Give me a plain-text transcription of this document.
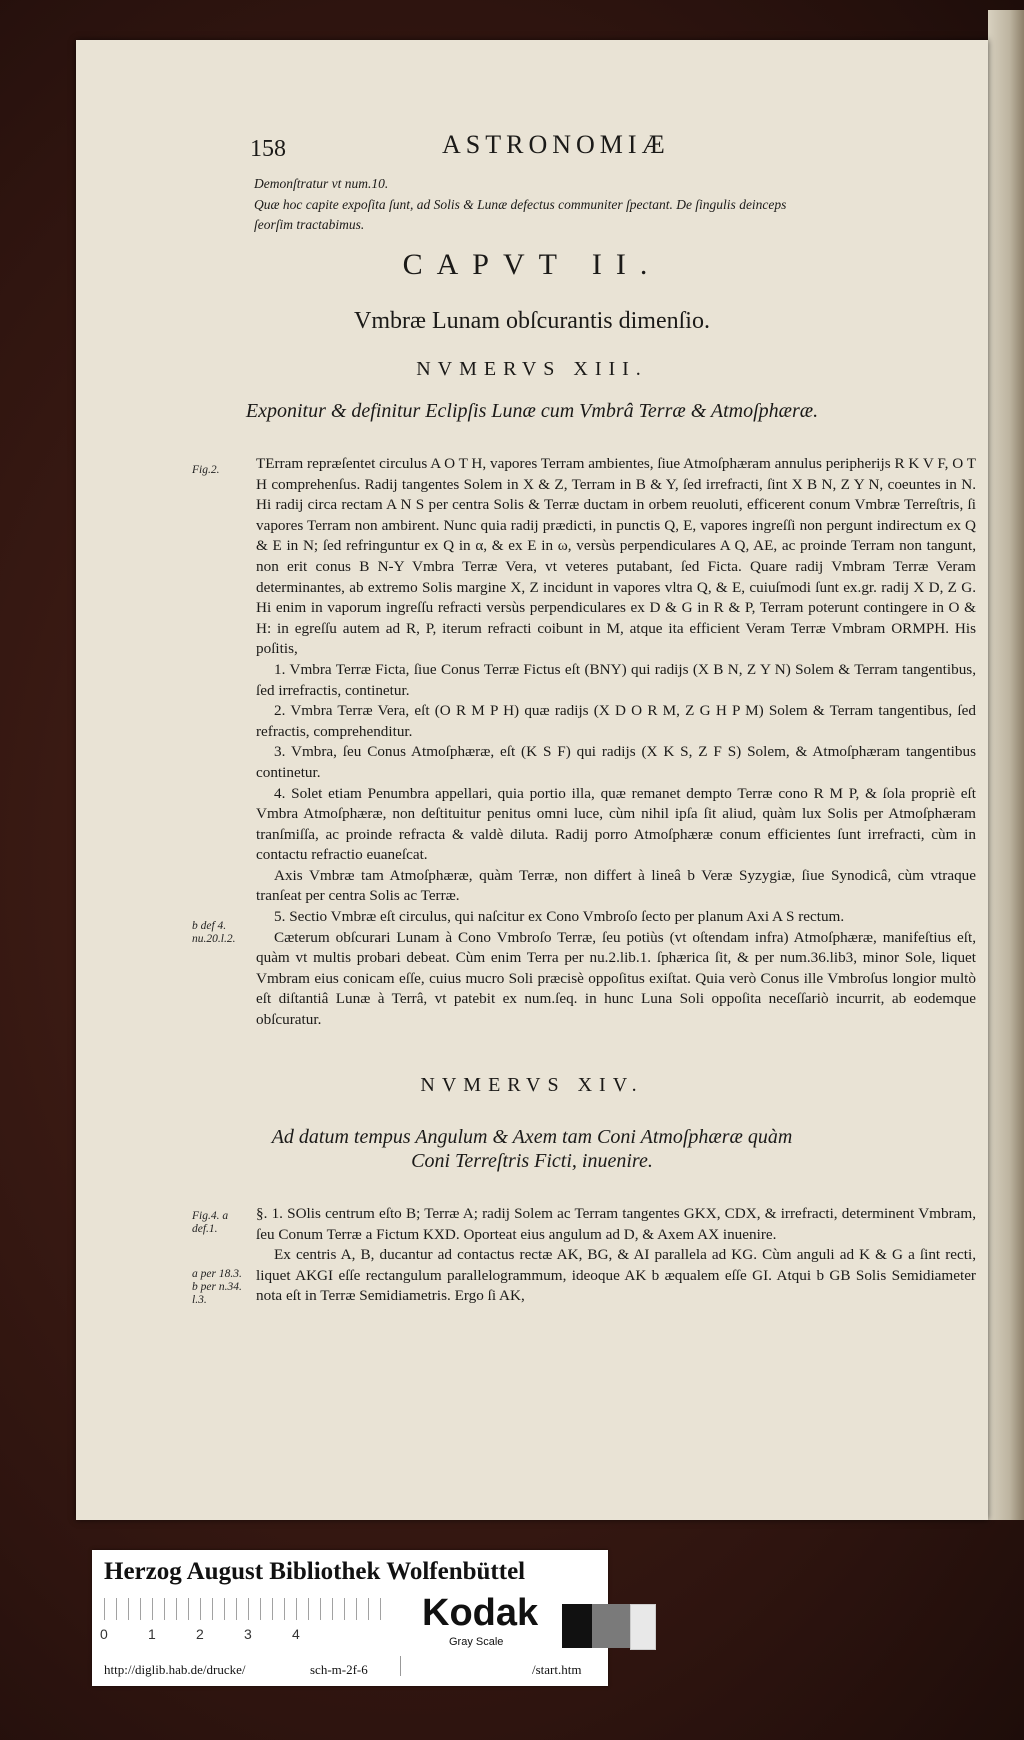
158	ASTRONOMIÆ
Demonſtratur vt num.10.
Quæ hoc capite expoſita ſunt, ad Solis & Lunæ defectus communiter ſpectant. De ſingulis deinceps
ſeorſim tractabimus.
CAPVT II.
Vmbræ Lunam obſcurantis dimenſio.
NVMERVS XIII.
Exponitur & definitur Eclipſis Lunæ cum Vmbrâ Terræ & Atmoſphæræ.
Fig.2. TErram repræſentet circulus A O T H, vapores Terram ambientes, ſiue Atmoſphæram annulus peripherijs R K V F, O T H comprehenſus. Radij tangentes Solem in X & Z, Terram in B & Y, ſed irrefracti, ſint X B N, Z Y N, coeuntes in N. Hi radij circa rectam A N S per centra Solis & Terræ ductam in orbem reuoluti, efficerent conum Vmbræ Terreſtris, ſi vapores Terram non ambirent. Nunc quia radij prædicti, in punctis Q, E, vapores ingreſſi non pergunt indirectum ex Q & E in N; ſed refringuntur ex Q in α, & ex E in ω, versùs perpendiculares A Q, AE, ac proinde Terram non tangunt, non erit conus B N-Y Vmbra Terræ Vera, vt veteres putabant, ſed Ficta. Quare radij Vmbram Terræ Veram determinantes, ab extremo Solis margine X, Z incidunt in vapores vltra Q, & E, cuiuſmodi ſunt ex.gr. radij X D, Z G. Hi enim in vaporum ingreſſu refracti versùs perpendiculares ex D & G in R & P, Terram poterunt contingere in O & H: in egreſſu autem ad R, P, iterum refracti coibunt in M, atque ita efficient Veram Terræ Vmbram ORMPH. His poſitis,

1. Vmbra Terræ Ficta, ſiue Conus Terræ Fictus eſt (BNY) qui radijs (X B N, Z Y N) Solem & Terram tangentibus, ſed irrefractis, continetur.

2. Vmbra Terræ Vera, eſt (O R M P H) quæ radijs (X D O R M, Z G H P M) Solem & Terram tangentibus, ſed refractis, comprehenditur.

3. Vmbra, ſeu Conus Atmoſphæræ, eſt (K S F) qui radijs (X K S, Z F S) Solem, & Atmoſphæram tangentibus continetur.

4. Solet etiam Penumbra appellari, quia portio illa, quæ remanet dempto Terræ cono R M P, & ſola propriè eſt Vmbra Atmoſphæræ, non deſtituitur penitus omni luce, cùm nihil ipſa ſit aliud, quàm lux Solis per Atmoſphæram tranſmiſſa, ac proinde refracta & valdè diluta. Radij porro Atmoſphæræ conum efficientes ſunt irrefracti, cùm in contactu refractio euaneſcat.

Axis Vmbræ tam Atmoſphæræ, quàm Terræ, non differt à lineâ b Veræ Syzygiæ, ſiue Synodicâ, cùm vtraque tranſeat per centra Solis ac Terræ.

5. Sectio Vmbræ eſt circulus, qui naſcitur ex Cono Vmbroſo ſecto per planum Axi A S rectum.

Cæterum obſcurari Lunam à Cono Vmbroſo Terræ, ſeu potiùs (vt oſtendam infra) Atmoſphæræ, manifeſtius eſt, quàm vt multis probari debeat. Cùm enim Terra per nu.2.lib.1. ſphærica ſit, & per num.36.lib3, minor Sole, liquet Vmbram eius conicam eſſe, cuius mucro Soli præcisè oppoſitus exiſtat. Quia verò Conus ille Vmbroſus longior multò eſt diſtantiâ Lunæ à Terrâ, vt patebit ex num.ſeq. in hunc Luna Soli oppoſita neceſſariò incurrit, ab eodemque obſcuratur.

b def 4. nu.20.l.2.
NVMERVS XIV.
Ad datum tempus Angulum & Axem tam Coni Atmoſphæræ quàm
Coni Terreſtris Ficti, inuenire.
Fig.4. a def.1.
a per 18.3. b per n.34. l.3.

§. 1. SOlis centrum eſto B; Terræ A; radij Solem ac Terram tangentes GKX, CDX, & irrefracti, determinent Vmbram, ſeu Conum Terræ a Fictum KXD. Oporteat eius angulum ad D, & Axem AX inuenire.

Ex centris A, B, ducantur ad contactus rectæ AK, BG, & AI parallela ad KG. Cùm anguli ad K & G a ſint recti, liquet AKGI eſſe rectangulum parallelogrammum, ideoque AK b æqualem eſſe GI. Atqui b GB Solis Semidiameter nota eſt in Terræ Semidiametris. Ergo ſi AK,

Herzog August Bibliothek Wolfenbüttel
0	1	2	3	4	Kodak
Gray Scale
http://diglib.hab.de/drucke/	sch-m-2f-6	/start.htm
